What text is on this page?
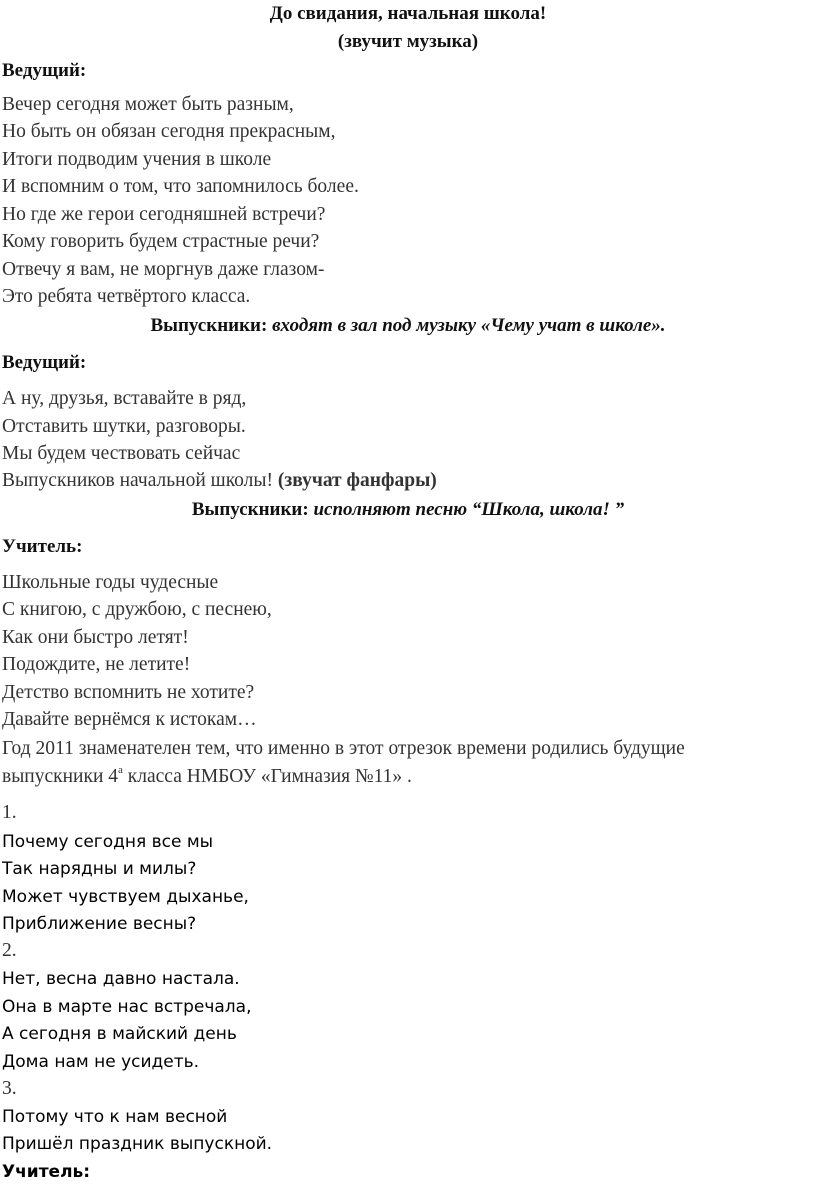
До свидания, начальная школа!
(звучит музыка)
Ведущий:
Вечер сегодня может быть разным,
Но быть он обязан сегодня прекрасным,
Итоги подводим учения в школе
И вспомним о том, что запомнилось более.
Но где же герои сегодняшней встречи?
Кому говорить будем страстные речи?
Отвечу я вам, не моргнув даже глазом-
Это ребята четвёртого класса.
Выпускники: входят в зал под музыку «Чему учат в школе».
Ведущий:
А ну, друзья, вставайте в ряд,
Отставить шутки, разговоры.
Мы будем чествовать сейчас
Выпускников начальной школы! (звучат фанфары)
Выпускники: исполняют песню “Школа, школа! ”
Учитель:
Школьные годы чудесные
С книгою, с дружбою, с песнею,
Как они быстро летят!
Подождите, не летите!
Детство вспомнить не хотите?
Давайте вернёмся к истокам…
Год 2011 знаменателен тем, что именно в этот отрезок времени родились будущие
выпускники $4^а$ класса НМБОУ «Гимназия №11» .
1.
Почему сегодня все мы
Так нарядны и милы?
Может чувствуем дыханье,
Приближение весны?
2.
Нет, весна давно настала.
Она в марте нас встречала,
А сегодня в майский день
Дома нам не усидеть.
3.
Потому что к нам весной
Пришёл праздник выпускной.
Учитель:
